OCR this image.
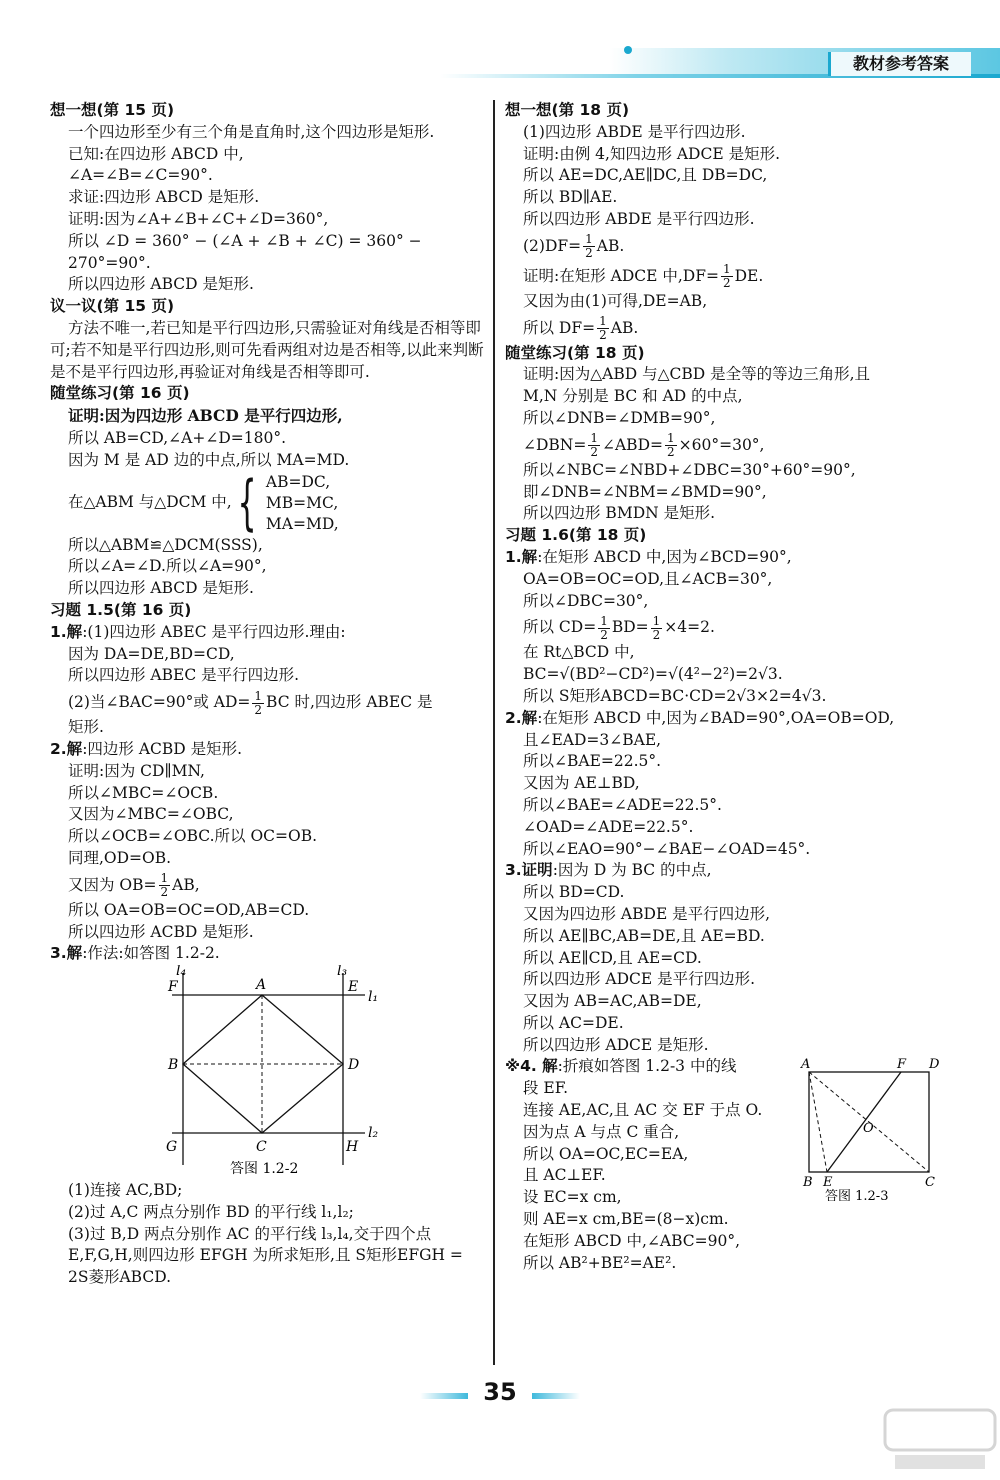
教材参考答案
想一想(第 15 页)
一个四边形至少有三个角是直角时,这个四边形是矩形.
已知:在四边形 ABCD 中,
∠A=∠B=∠C=90°.
求证:四边形 ABCD 是矩形.
证明:因为∠A+∠B+∠C+∠D=360°,
所以 ∠D = 360° − (∠A + ∠B + ∠C) = 360° −
270°=90°.
所以四边形 ABCD 是矩形.
议一议(第 15 页)
方法不唯一,若已知是平行四边形,只需验证对角线是否相等即可;若不知是平行四边形,则可先看两组对边是否相等,以此来判断是不是平行四边形,再验证对角线是否相等即可.
随堂练习(第 16 页)
证明:因为四边形 ABCD 是平行四边形,
所以 AB=CD,∠A+∠D=180°.
因为 M 是 AD 边的中点,所以 MA=MD.
在△ABM 与△DCM 中, { AB=DC,
MB=MC,
MA=MD,
所以△ABM≌△DCM(SSS),
所以∠A=∠D.所以∠A=90°,
所以四边形 ABCD 是矩形.
习题 1.5(第 16 页)
1.解:(1)四边形 ABEC 是平行四边形.理由:
因为 DA=DE,BD=CD,
所以四边形 ABEC 是平行四边形.
(2)当∠BAC=90°或 $AD= \frac{1}{2}$ BC 时,四边形 ABEC 是
矩形.
2.解:四边形 ACBD 是矩形.
证明:因为 CD∥MN,
所以∠MBC=∠OCB.
又因为∠MBC=∠OBC,
所以∠OCB=∠OBC.所以 OC=OB.
同理,OD=OB.
又因为 $OB= \frac{1}{2}$ AB,
所以 OA=OB=OC=OD,AB=CD.
所以四边形 ACBD 是矩形.
3.解:作法:如答图 1.2-2.
l₄	l₃
l₁
l₂
F	A	E
B	D
G	C	H
答图 1.2-2
(1)连接 AC,BD;
(2)过 A,C 两点分别作 BD 的平行线 l₁,l₂;
(3)过 B,D 两点分别作 AC 的平行线 l₃,l₄,交于四个点
E,F,G,H,则四边形 EFGH 为所求矩形,且 S矩形EFGH =
2S菱形ABCD.
想一想(第 18 页)
(1)四边形 ABDE 是平行四边形.
证明:由例 4,知四边形 ADCE 是矩形.
所以 AE=DC,AE∥DC,且 DB=DC,
所以 BD∥AE.
所以四边形 ABDE 是平行四边形.
$(2)DF= \frac{1}{2}$ AB.
证明:在矩形 ADCE 中$,DF= \frac{1}{2}$ DE.
又因为由(1)可得,DE=AB,
所以 $DF= \frac{1}{2}$ AB.
随堂练习(第 18 页)
证明:因为△ABD 与△CBD 是全等的等边三角形,且
M,N 分别是 BC 和 AD 的中点,
所以∠DNB=∠DMB=90°,
∠DBN= $\frac{1}{2}$ ∠ABD= $\frac{1}{2} \times 60^\circ=30^\circ$,
所以∠NBC=∠NBD+∠DBC=30°+60°=90°,
即∠DNB=∠NBM=∠BMD=90°,
所以四边形 BMDN 是矩形.
习题 1.6(第 18 页)
1.解:在矩形 ABCD 中,因为∠BCD=90°,
OA=OB=OC=OD,且∠ACB=30°,
所以∠DBC=30°,
所以 $CD= \frac{1}{2} BD= \frac{1}{2} \times 4=2$.
在 Rt△BCD 中,
BC=√(BD²−CD²)=√(4²−2²)=2√3.
所以 S矩形ABCD=BC·CD=2√3×2=4√3.
2.解:在矩形 ABCD 中,因为∠BAD=90°,OA=OB=OD,
且∠EAD=3∠BAE,
所以∠BAE=22.5°.
又因为 AE⊥BD,
所以∠BAE=∠ADE=22.5°.
∠OAD=∠ADE=22.5°.
所以∠EAO=90°−∠BAE−∠OAD=45°.
3.证明:因为 D 为 BC 的中点,
所以 BD=CD.
又因为四边形 ABDE 是平行四边形,
所以 AE∥BC,AB=DE,且 AE=BD.
所以 AE∥CD,且 AE=CD.
所以四边形 ADCE 是平行四边形.
又因为 AB=AC,AB=DE,
所以 AC=DE.
所以四边形 ADCE 是矩形.
※4. 解:折痕如答图 1.2-3 中的线
段 EF.
连接 AE,AC,且 AC 交 EF 于点 O.
因为点 A 与点 C 重合,
所以 OA=OC,EC=EA,
且 AC⊥EF.
设 EC=x cm,
则 AE=x cm,BE=(8−x)cm.
在矩形 ABCD 中,∠ABC=90°,
所以 AB²+BE²=AE².
A	F D
O
B E	C
答图 1.2-3
35
